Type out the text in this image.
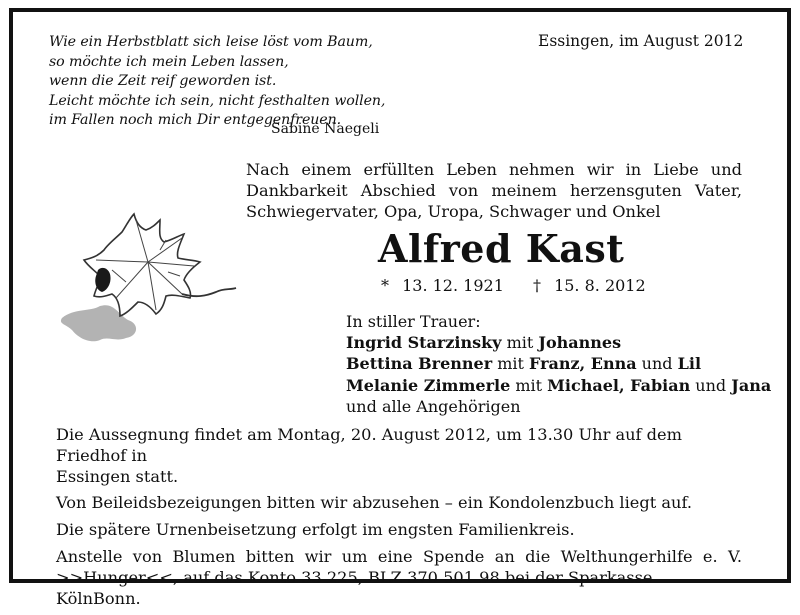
Wie ein Herbstblatt sich leise löst vom Baum,
so möchte ich mein Leben lassen,
wenn die Zeit reif geworden ist.
Leicht möchte ich sein, nicht festhalten wollen,
im Fallen noch mich Dir entgegenfreuen.
Sabine Naegeli
Essingen, im August 2012
Nach einem erfüllten Leben nehmen wir in Liebe und
Dankbarkeit Abschied von meinem herzensguten Vater,
Schwiegervater, Opa, Uropa, Schwager und Onkel
Alfred Kast
* 13. 12. 1921 † 15. 8. 2012
In stiller Trauer:
Ingrid Starzinsky mit Johannes
Bettina Brenner mit Franz, Enna und Lil
Melanie Zimmerle mit Michael, Fabian und Jana
und alle Angehörigen

Die Aussegnung findet am Montag, 20. August 2012, um 13.30 Uhr auf dem Friedhof in
Essingen statt.

Von Beileidsbezeigungen bitten wir abzusehen – ein Kondolenzbuch liegt auf.

Die spätere Urnenbeisetzung erfolgt im engsten Familienkreis.

Anstelle von Blumen bitten wir um eine Spende an die Welthungerhilfe e. V.
>>Hunger<<, auf das Konto 33 225, BLZ 370 501 98 bei der Sparkasse KölnBonn.
